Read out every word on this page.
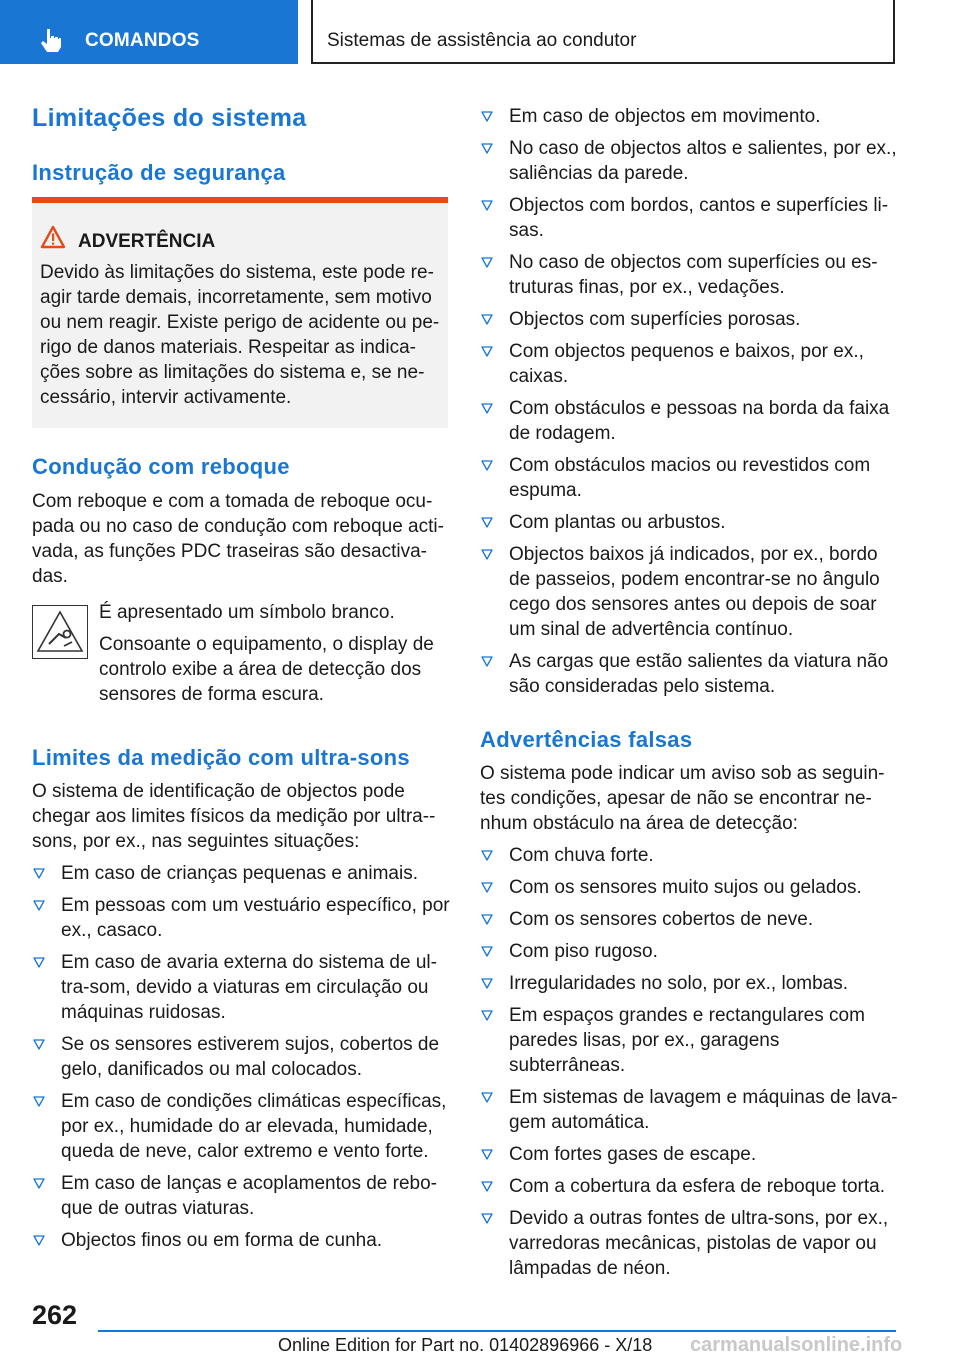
COMANDOS	Sistemas de assistência ao condutor
Limitações do sistema
Instrução de segurança
ADVERTÊNCIA
Devido às limitações do sistema, este pode re-agir tarde demais, incorretamente, sem motivo ou nem reagir. Existe perigo de acidente ou pe-rigo de danos materiais. Respeitar as indica-ções sobre as limitações do sistema e, se ne-cessário, intervir activamente.
Condução com reboque
Com reboque e com a tomada de reboque ocu-pada ou no caso de condução com reboque acti-vada, as funções PDC traseiras são desactiva-das.
É apresentado um símbolo branco.
Consoante o equipamento, o display de controlo exibe a área de detecção dos sensores de forma escura.
Limites da medição com ultra-sons
O sistema de identificação de objectos pode chegar aos limites físicos da medição por ultra--sons, por ex., nas seguintes situações:
Em caso de crianças pequenas e animais.
Em pessoas com um vestuário específico, por ex., casaco.
Em caso de avaria externa do sistema de ul-tra-som, devido a viaturas em circulação ou máquinas ruidosas.
Se os sensores estiverem sujos, cobertos de gelo, danificados ou mal colocados.
Em caso de condições climáticas específicas, por ex., humidade do ar elevada, humidade, queda de neve, calor extremo e vento forte.
Em caso de lanças e acoplamentos de rebo-que de outras viaturas.
Objectos finos ou em forma de cunha.
Em caso de objectos em movimento.
No caso de objectos altos e salientes, por ex., saliências da parede.
Objectos com bordos, cantos e superfícies li-sas.
No caso de objectos com superfícies ou es-truturas finas, por ex., vedações.
Objectos com superfícies porosas.
Com objectos pequenos e baixos, por ex., caixas.
Com obstáculos e pessoas na borda da faixa de rodagem.
Com obstáculos macios ou revestidos com espuma.
Com plantas ou arbustos.
Objectos baixos já indicados, por ex., bordo de passeios, podem encontrar-se no ângulo cego dos sensores antes ou depois de soar um sinal de advertência contínuo.
As cargas que estão salientes da viatura não são consideradas pelo sistema.
Advertências falsas
O sistema pode indicar um aviso sob as seguin-tes condições, apesar de não se encontrar ne-nhum obstáculo na área de detecção:
Com chuva forte.
Com os sensores muito sujos ou gelados.
Com os sensores cobertos de neve.
Com piso rugoso.
Irregularidades no solo, por ex., lombas.
Em espaços grandes e rectangulares com paredes lisas, por ex., garagens subterrâneas.
Em sistemas de lavagem e máquinas de lava-gem automática.
Com fortes gases de escape.
Com a cobertura da esfera de reboque torta.
Devido a outras fontes de ultra-sons, por ex., varredoras mecânicas, pistolas de vapor ou lâmpadas de néon.
262
Online Edition for Part no. 01402896966 - X/18 carmanualsonline.info
